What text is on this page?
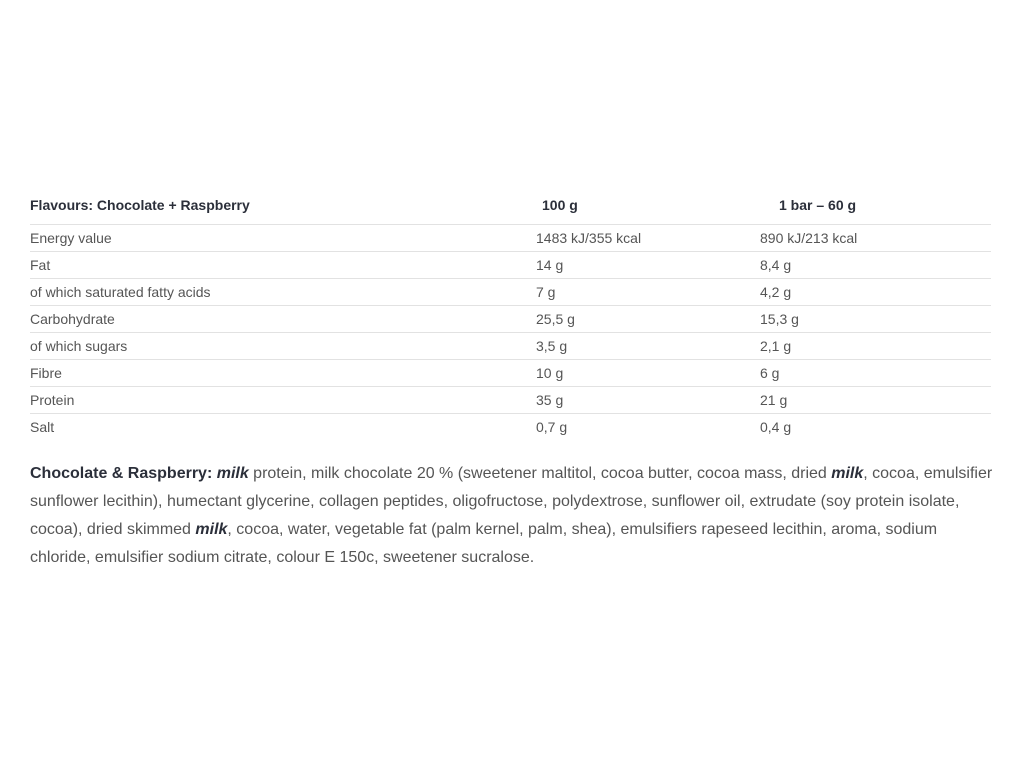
Flavours: Chocolate + Raspberry	100 g	1 bar – 60 g
Energy value	1483 kJ/355 kcal	890 kJ/213 kcal
Fat	14 g	8,4 g
of which saturated fatty acids	7 g	4,2 g
Carbohydrate	25,5 g	15,3 g
of which sugars	3,5 g	2,1 g
Fibre	10 g	6 g
Protein	35 g	21 g
Salt	0,7 g	0,4 g

Chocolate & Raspberry: milk protein, milk chocolate 20 % (sweetener maltitol, cocoa butter, cocoa mass, dried milk, cocoa, emulsifier sunflower lecithin), humectant glycerine, collagen peptides, oligofructose, polydextrose, sunflower oil, extrudate (soy protein isolate, cocoa), dried skimmed milk, cocoa, water, vegetable fat (palm kernel, palm, shea), emulsifiers rapeseed lecithin, aroma, sodium chloride, emulsifier sodium citrate, colour E 150c, sweetener sucralose.
